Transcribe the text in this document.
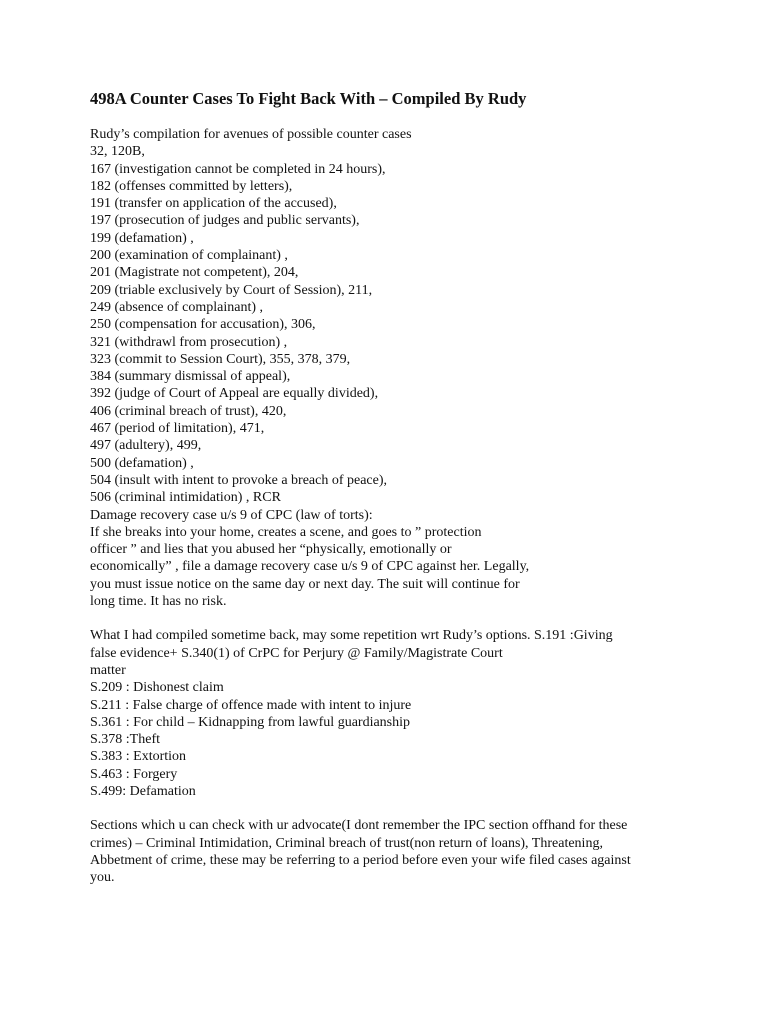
498A Counter Cases To Fight Back With – Compiled By Rudy
Rudy’s compilation for avenues of possible counter cases
32, 120B,
167 (investigation cannot be completed in 24 hours),
182 (offenses committed by letters),
191 (transfer on application of the accused),
197 (prosecution of judges and public servants),
199 (defamation) ,
200 (examination of complainant) ,
201 (Magistrate not competent), 204,
209 (triable exclusively by Court of Session), 211,
249 (absence of complainant) ,
250 (compensation for accusation), 306,
321 (withdrawl from prosecution) ,
323 (commit to Session Court), 355, 378, 379,
384 (summary dismissal of appeal),
392 (judge of Court of Appeal are equally divided),
406 (criminal breach of trust), 420,
467 (period of limitation), 471,
497 (adultery), 499,
500 (defamation) ,
504 (insult with intent to provoke a breach of peace),
506 (criminal intimidation) , RCR
Damage recovery case u/s 9 of CPC (law of torts):
If she breaks into your home, creates a scene, and goes to ” protection
officer ” and lies that you abused her “physically, emotionally or
economically” , file a damage recovery case u/s 9 of CPC against her. Legally,
you must issue notice on the same day or next day. The suit will continue for
long time. It has no risk.
What I had compiled sometime back, may some repetition wrt Rudy’s options. S.191 :Giving
false evidence+ S.340(1) of CrPC for Perjury @ Family/Magistrate Court
matter
S.209 : Dishonest claim
S.211 : False charge of offence made with intent to injure
S.361 : For child – Kidnapping from lawful guardianship
S.378 :Theft
S.383 : Extortion
S.463 : Forgery
S.499: Defamation
Sections which u can check with ur advocate(I dont remember the IPC section offhand for these
crimes) – Criminal Intimidation, Criminal breach of trust(non return of loans), Threatening,
Abbetment of crime, these may be referring to a period before even your wife filed cases against
you.
